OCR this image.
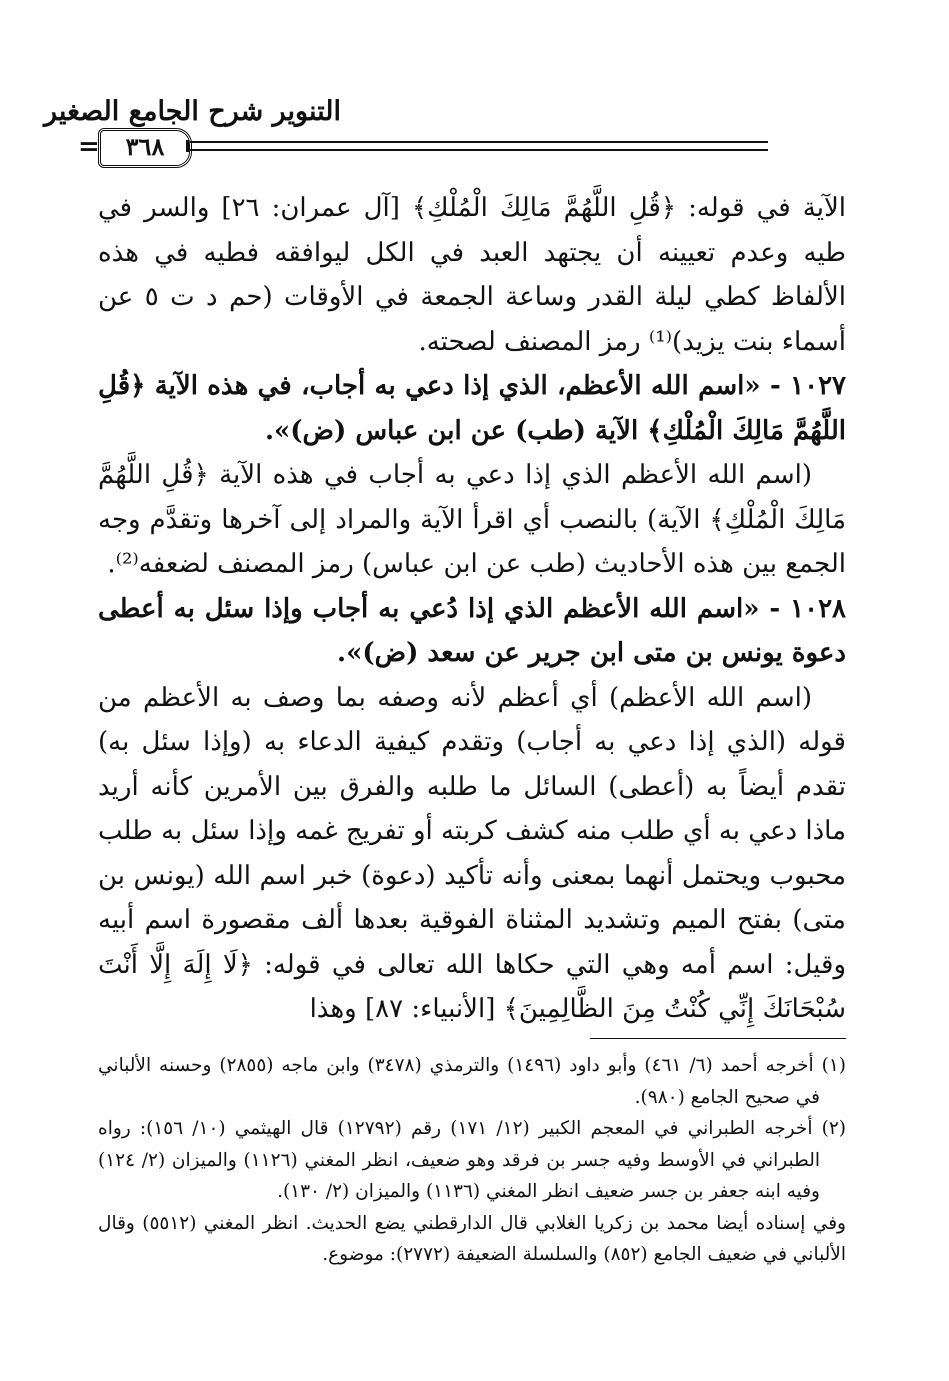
التنوير شرح الجامع الصغير
=	٣٦٨

الآية في قوله: ﴿قُلِ اللَّهُمَّ مَالِكَ الْمُلْكِ﴾ [آل عمران: ٢٦] والسر في طيه وعدم تعيينه أن يجتهد العبد في الكل ليوافقه فطيه في هذه الألفاظ كطي ليلة القدر وساعة الجمعة في الأوقات (حم د ت ٥ عن أسماء بنت يزيد)⁽¹⁾ رمز المصنف لصحته.

١٠٢٧ - «اسم الله الأعظم، الذي إذا دعي به أجاب، في هذه الآية ﴿قُلِ اللَّهُمَّ مَالِكَ الْمُلْكِ﴾ الآية (طب) عن ابن عباس (ض)».

(اسم الله الأعظم الذي إذا دعي به أجاب في هذه الآية ﴿قُلِ اللَّهُمَّ مَالِكَ الْمُلْكِ﴾ الآية) بالنصب أي اقرأ الآية والمراد إلى آخرها وتقدَّم وجه الجمع بين هذه الأحاديث (طب عن ابن عباس) رمز المصنف لضعفه⁽²⁾.

١٠٢٨ - «اسم الله الأعظم الذي إذا دُعي به أجاب وإذا سئل به أعطى دعوة يونس بن متى ابن جرير عن سعد (ض)».

(اسم الله الأعظم) أي أعظم لأنه وصفه بما وصف به الأعظم من قوله (الذي إذا دعي به أجاب) وتقدم كيفية الدعاء به (وإذا سئل به) تقدم أيضاً به (أعطى) السائل ما طلبه والفرق بين الأمرين كأنه أريد ماذا دعي به أي طلب منه كشف كربته أو تفريج غمه وإذا سئل به طلب محبوب ويحتمل أنهما بمعنى وأنه تأكيد (دعوة) خبر اسم الله (يونس بن متى) بفتح الميم وتشديد المثناة الفوقية بعدها ألف مقصورة اسم أبيه وقيل: اسم أمه وهي التي حكاها الله تعالى في قوله: ﴿لَا إِلَهَ إِلَّا أَنْتَ سُبْحَانَكَ إِنِّي كُنْتُ مِنَ الظَّالِمِينَ﴾ [الأنبياء: ٨٧] وهذا

(١) أخرجه أحمد (٦/ ٤٦١) وأبو داود (١٤٩٦) والترمذي (٣٤٧٨) وابن ماجه (٢٨٥٥) وحسنه الألباني في صحيح الجامع (٩٨٠).

(٢) أخرجه الطبراني في المعجم الكبير (١٢/ ١٧١) رقم (١٢٧٩٢) قال الهيثمي (١٠/ ١٥٦): رواه الطبراني في الأوسط وفيه جسر بن فرقد وهو ضعيف، انظر المغني (١١٢٦) والميزان (٢/ ١٢٤) وفيه ابنه جعفر بن جسر ضعيف انظر المغني (١١٣٦) والميزان (٢/ ١٣٠).

وفي إسناده أيضا محمد بن زكريا الغلابي قال الدارقطني يضع الحديث. انظر المغني (٥٥١٢) وقال الألباني في ضعيف الجامع (٨٥٢) والسلسلة الضعيفة (٢٧٧٢): موضوع.
